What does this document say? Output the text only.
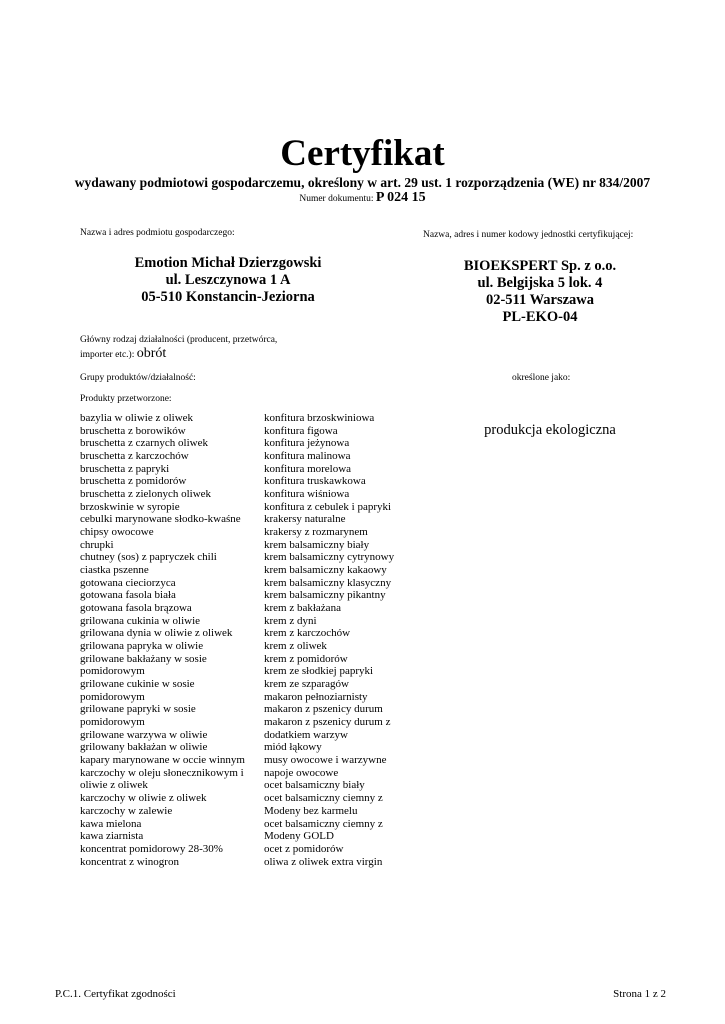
Certyfikat
wydawany podmiotowi gospodarczemu, określony w art. 29 ust. 1 rozporządzenia (WE) nr 834/2007
Numer dokumentu: P 024 15
Nazwa i adres podmiotu gospodarczego:	Nazwa, adres i numer kodowy jednostki certyfikującej:
Emotion Michał Dzierzgowski
ul. Leszczynowa 1 A
05-510 Konstancin-Jeziorna
BIOEKSPERT Sp. z o.o.
ul. Belgijska 5 lok. 4
02-511 Warszawa
PL-EKO-04
Główny rodzaj działalności (producent, przetwórca,
importer etc.): obrót
Grupy produktów/działalność:	określone jako:
Produkty przetworzone:
bazylia w oliwie z oliwek
bruschetta z borowików
bruschetta z czarnych oliwek
bruschetta z karczochów
bruschetta z papryki
bruschetta z pomidorów
bruschetta z zielonych oliwek
brzoskwinie w syropie
cebulki marynowane słodko-kwaśne
chipsy owocowe
chrupki
chutney (sos) z papryczek chili
ciastka pszenne
gotowana cieciorzyca
gotowana fasola biała
gotowana fasola brązowa
grilowana cukinia w oliwie
grilowana dynia w oliwie z oliwek
grilowana papryka w oliwie
grilowane bakłażany w sosie
pomidorowym
grilowane cukinie w sosie
pomidorowym
grilowane papryki w sosie
pomidorowym
grilowane warzywa w oliwie
grilowany bakłażan w oliwie
kapary marynowane w occie winnym
karczochy w oleju słonecznikowym i
oliwie z oliwek
karczochy w oliwie z oliwek
karczochy w zalewie
kawa mielona
kawa ziarnista
koncentrat pomidorowy 28-30%
koncentrat z winogron
konfitura brzoskwiniowa
konfitura figowa
konfitura jeżynowa
konfitura malinowa
konfitura morelowa
konfitura truskawkowa
konfitura wiśniowa
konfitura z cebulek i papryki
krakersy naturalne
krakersy z rozmarynem
krem balsamiczny biały
krem balsamiczny cytrynowy
krem balsamiczny kakaowy
krem balsamiczny klasyczny
krem balsamiczny pikantny
krem z bakłażana
krem z dyni
krem z karczochów
krem z oliwek
krem z pomidorów
krem ze słodkiej papryki
krem ze szparagów
makaron pełnoziarnisty
makaron z pszenicy durum
makaron z pszenicy durum z
dodatkiem warzyw
miód łąkowy
musy owocowe i warzywne
napoje owocowe
ocet balsamiczny biały
ocet balsamiczny ciemny z
Modeny bez karmelu
ocet balsamiczny ciemny z
Modeny GOLD
ocet z pomidorów
oliwa z oliwek extra virgin
produkcja ekologiczna
P.C.1. Certyfikat zgodności	Strona 1 z 2
